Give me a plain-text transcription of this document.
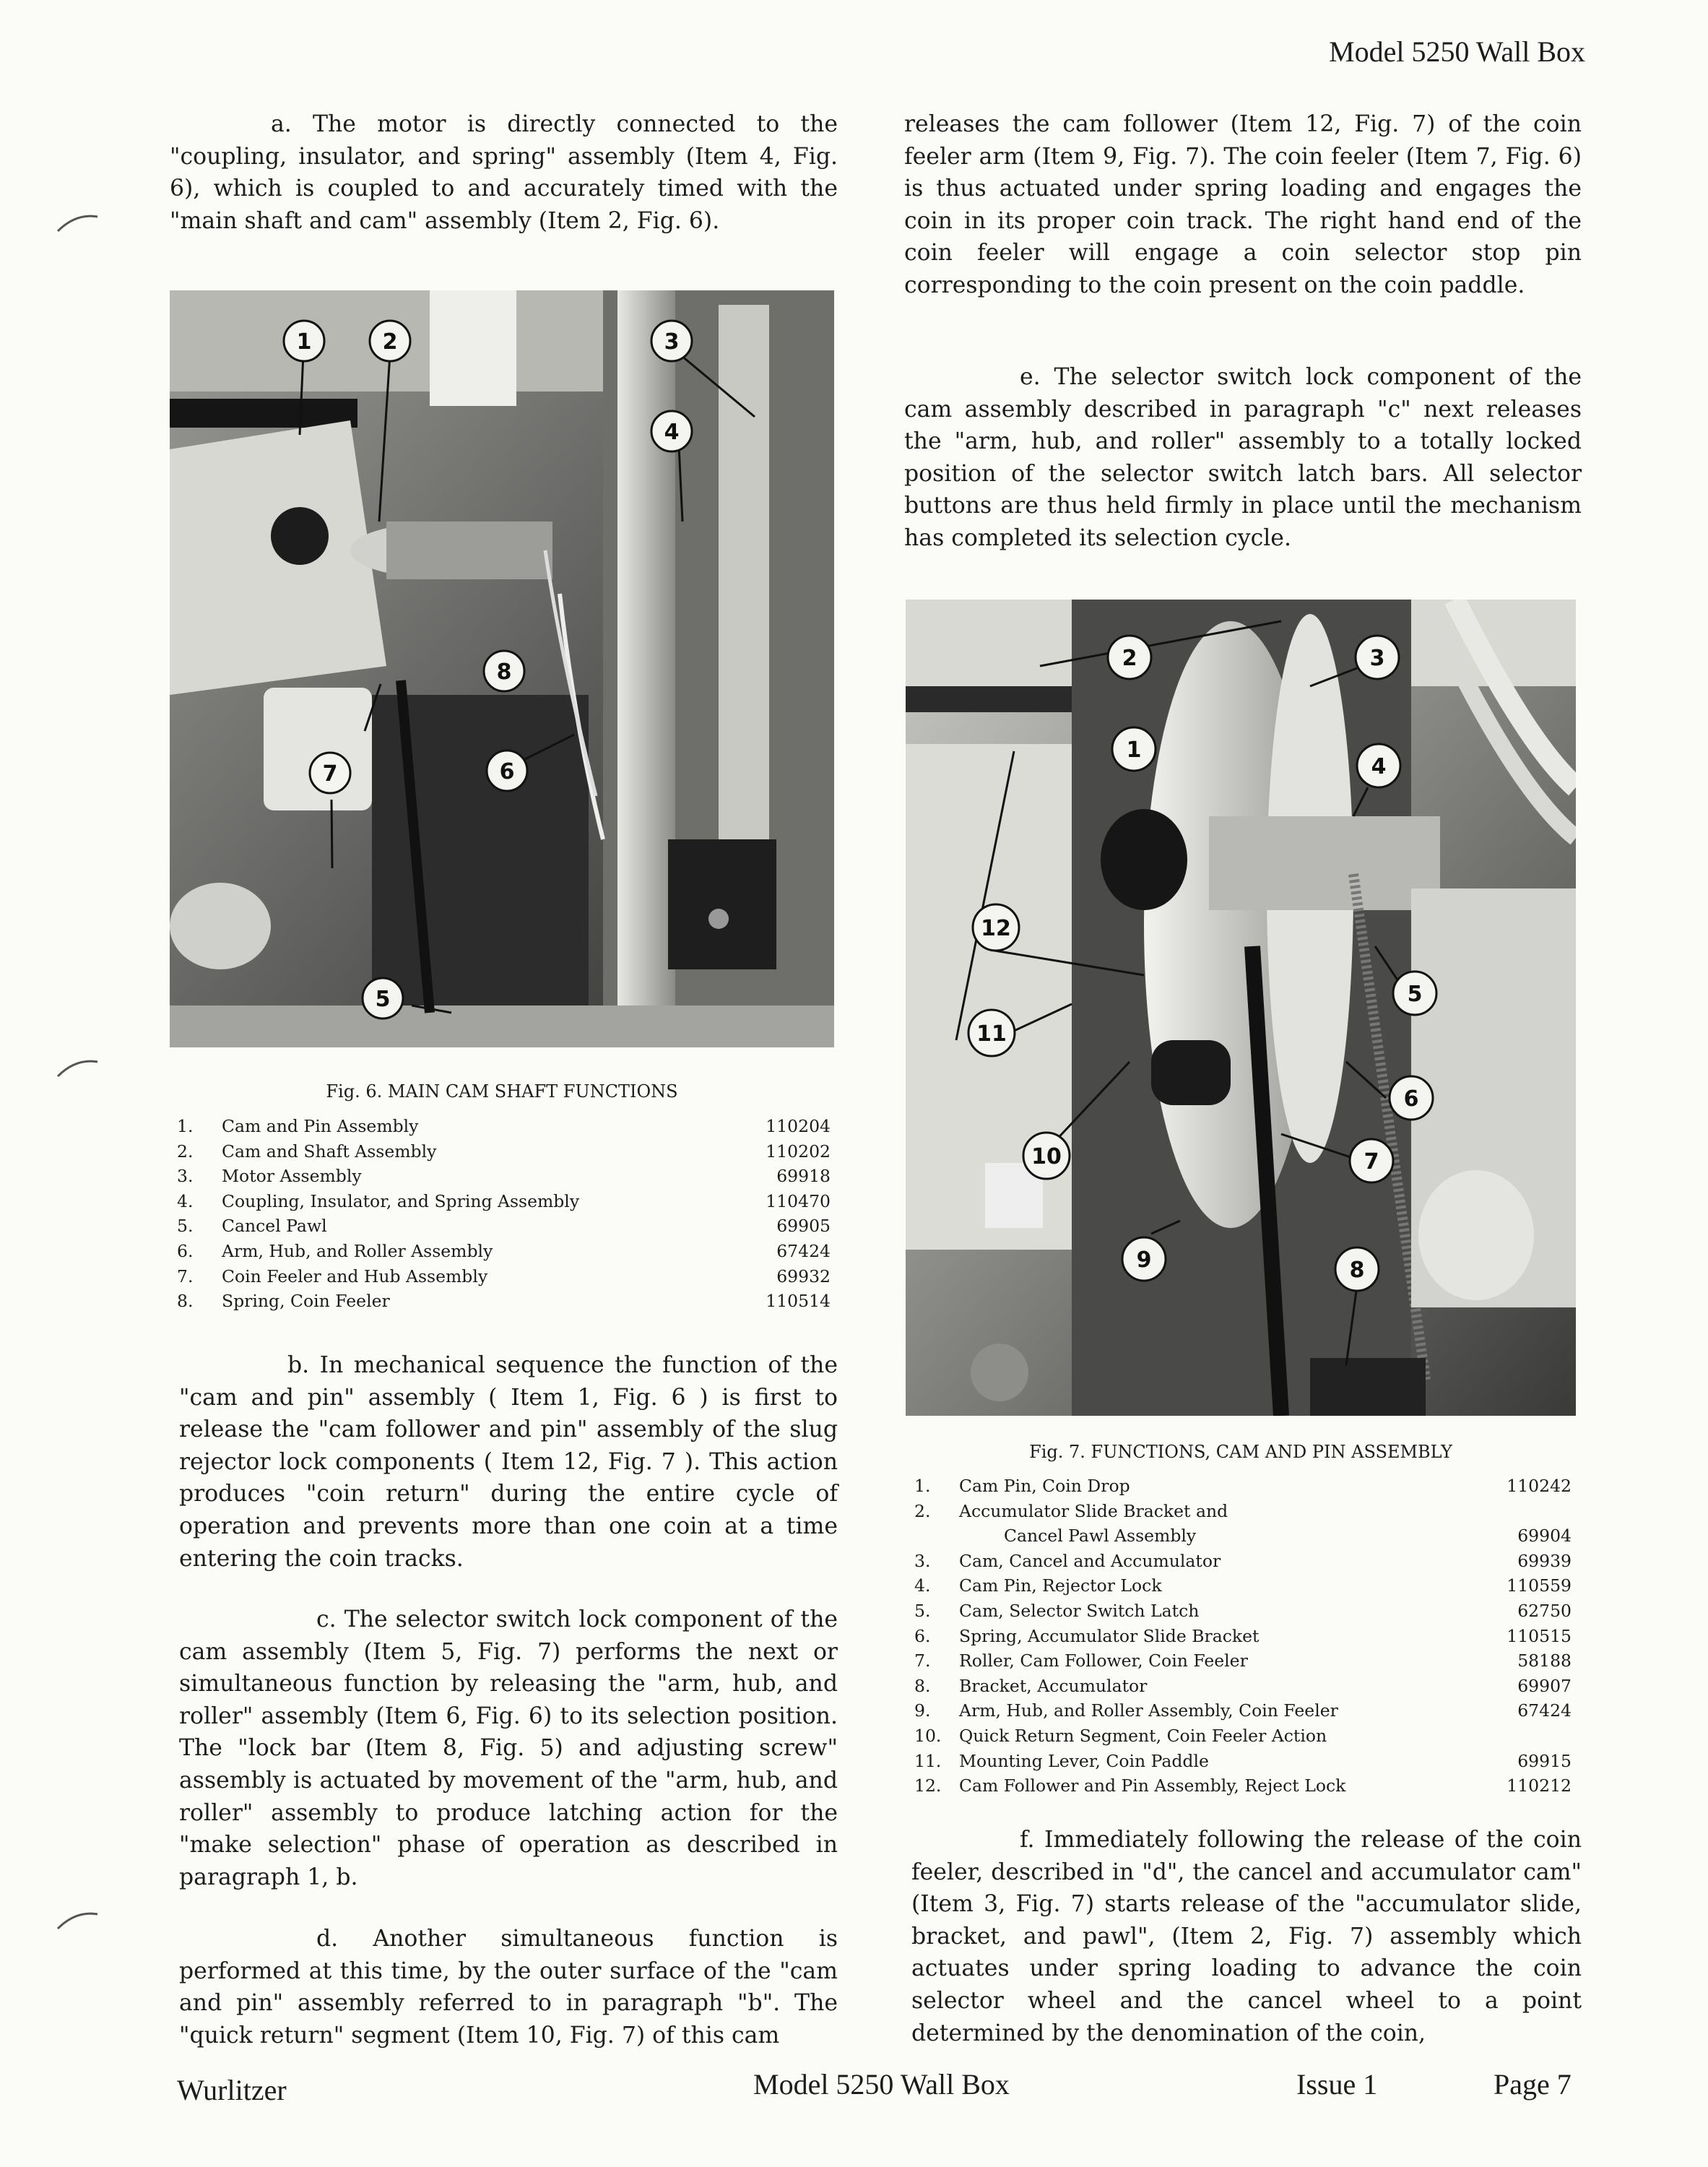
Model 5250 Wall Box

a. The motor is directly connected to the "coupling, insulator, and spring" assembly (Item 4, Fig. 6), which is coupled to and accurately timed with the "main shaft and cam" assembly (Item 2, Fig. 6).

1	2	3
4
8
6
7
5
Fig. 6. MAIN CAM SHAFT FUNCTIONS
1.	Cam and Pin Assembly	110204
2.	Cam and Shaft Assembly	110202
3.	Motor Assembly	69918
4.	Coupling, Insulator, and Spring Assembly	110470
5.	Cancel Pawl	69905
6.	Arm, Hub, and Roller Assembly	67424
7.	Coin Feeler and Hub Assembly	69932
8.	Spring, Coin Feeler	110514

b. In mechanical sequence the function of the "cam and pin" assembly ( Item 1, Fig. 6 ) is first to release the "cam follower and pin" assembly of the slug rejector lock components ( Item 12, Fig. 7 ). This action produces "coin return" during the entire cycle of operation and prevents more than one coin at a time entering the coin tracks.

c. The selector switch lock component of the cam assembly (Item 5, Fig. 7) performs the next or simultaneous function by releasing the "arm, hub, and roller" assembly (Item 6, Fig. 6) to its selection position. The "lock bar (Item 8, Fig. 5) and adjusting screw" assembly is actuated by movement of the "arm, hub, and roller" assembly to produce latching action for the "make selection" phase of operation as described in paragraph 1, b.

d. Another simultaneous function is performed at this time, by the outer surface of the "cam and pin" assembly referred to in paragraph "b". The "quick return" segment (Item 10, Fig. 7) of this cam

releases the cam follower (Item 12, Fig. 7) of the coin feeler arm (Item 9, Fig. 7). The coin feeler (Item 7, Fig. 6) is thus actuated under spring loading and engages the coin in its proper coin track. The right hand end of the coin feeler will engage a coin selector stop pin corresponding to the coin present on the coin paddle.

e. The selector switch lock component of the cam assembly described in paragraph "c" next releases the "arm, hub, and roller" assembly to a totally locked position of the selector switch latch bars. All selector buttons are thus held firmly in place until the mechanism has completed its selection cycle.

2	3
1
4
12
5
11
6
10	7
9	8
Fig. 7. FUNCTIONS, CAM AND PIN ASSEMBLY
1.	Cam Pin, Coin Drop	110242
2.	Accumulator Slide Bracket and
Cancel Pawl Assembly	69904
3.	Cam, Cancel and Accumulator	69939
4.	Cam Pin, Rejector Lock	110559
5.	Cam, Selector Switch Latch	62750
6.	Spring, Accumulator Slide Bracket	110515
7.	Roller, Cam Follower, Coin Feeler	58188
8.	Bracket, Accumulator	69907
9.	Arm, Hub, and Roller Assembly, Coin Feeler	67424
10.	Quick Return Segment, Coin Feeler Action
11.	Mounting Lever, Coin Paddle	69915
12.	Cam Follower and Pin Assembly, Reject Lock	110212

f. Immediately following the release of the coin feeler, described in "d", the cancel and accumulator cam" (Item 3, Fig. 7) starts release of the "accumulator slide, bracket, and pawl", (Item 2, Fig. 7) assembly which actuates under spring loading to advance the coin selector wheel and the cancel wheel to a point determined by the denomination of the coin,

Wurlitzer	Model 5250 Wall Box	Issue 1	Page 7
